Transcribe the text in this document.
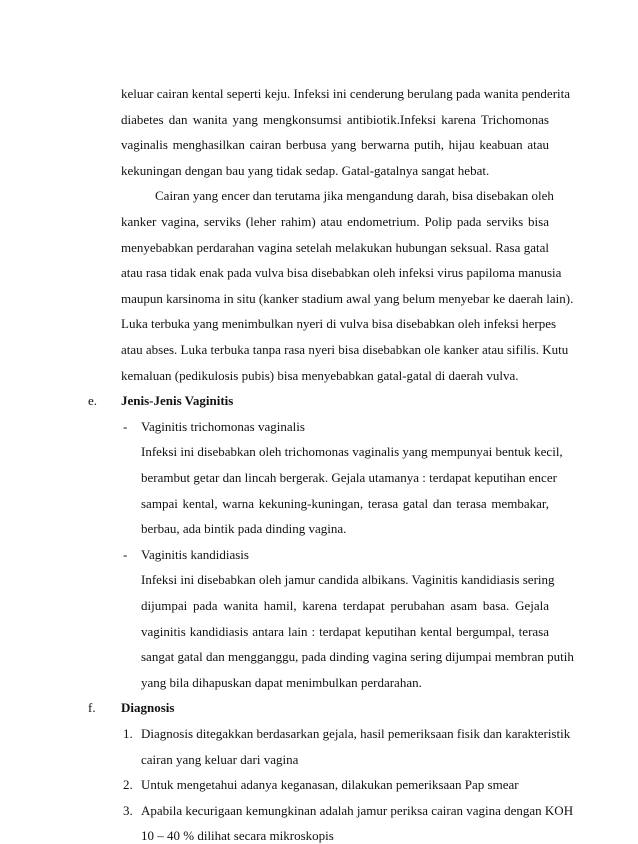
keluar cairan kental seperti keju. Infeksi ini cenderung berulang pada wanita penderita
diabetes dan wanita yang mengkonsumsi antibiotik.Infeksi karena Trichomonas
vaginalis menghasilkan cairan berbusa yang berwarna putih, hijau keabuan atau
kekuningan dengan bau yang tidak sedap. Gatal-gatalnya sangat hebat.
Cairan yang encer dan terutama jika mengandung darah, bisa disebakan oleh
kanker vagina, serviks (leher rahim) atau endometrium. Polip pada serviks bisa
menyebabkan perdarahan vagina setelah melakukan hubungan seksual. Rasa gatal
atau rasa tidak enak pada vulva bisa disebabkan oleh infeksi virus papiloma manusia
maupun karsinoma in situ (kanker stadium awal yang belum menyebar ke daerah lain).
Luka terbuka yang menimbulkan nyeri di vulva bisa disebabkan oleh infeksi herpes
atau abses. Luka terbuka tanpa rasa nyeri bisa disebabkan ole kanker atau sifilis. Kutu
kemaluan (pedikulosis pubis) bisa menyebabkan gatal-gatal di daerah vulva.
e. Jenis-Jenis Vaginitis
- Vaginitis trichomonas vaginalis
Infeksi ini disebabkan oleh trichomonas vaginalis yang mempunyai bentuk kecil,
berambut getar dan lincah bergerak. Gejala utamanya : terdapat keputihan encer
sampai kental, warna kekuning-kuningan, terasa gatal dan terasa membakar,
berbau, ada bintik pada dinding vagina.
- Vaginitis kandidiasis
Infeksi ini disebabkan oleh jamur candida albikans. Vaginitis kandidiasis sering
dijumpai pada wanita hamil, karena terdapat perubahan asam basa. Gejala
vaginitis kandidiasis antara lain : terdapat keputihan kental bergumpal, terasa
sangat gatal dan mengganggu, pada dinding vagina sering dijumpai membran putih
yang bila dihapuskan dapat menimbulkan perdarahan.
f. Diagnosis
1. Diagnosis ditegakkan berdasarkan gejala, hasil pemeriksaan fisik dan karakteristik
cairan yang keluar dari vagina
2. Untuk mengetahui adanya keganasan, dilakukan pemeriksaan Pap smear
3. Apabila kecurigaan kemungkinan adalah jamur periksa cairan vagina dengan KOH
10 – 40 % dilihat secara mikroskopis
